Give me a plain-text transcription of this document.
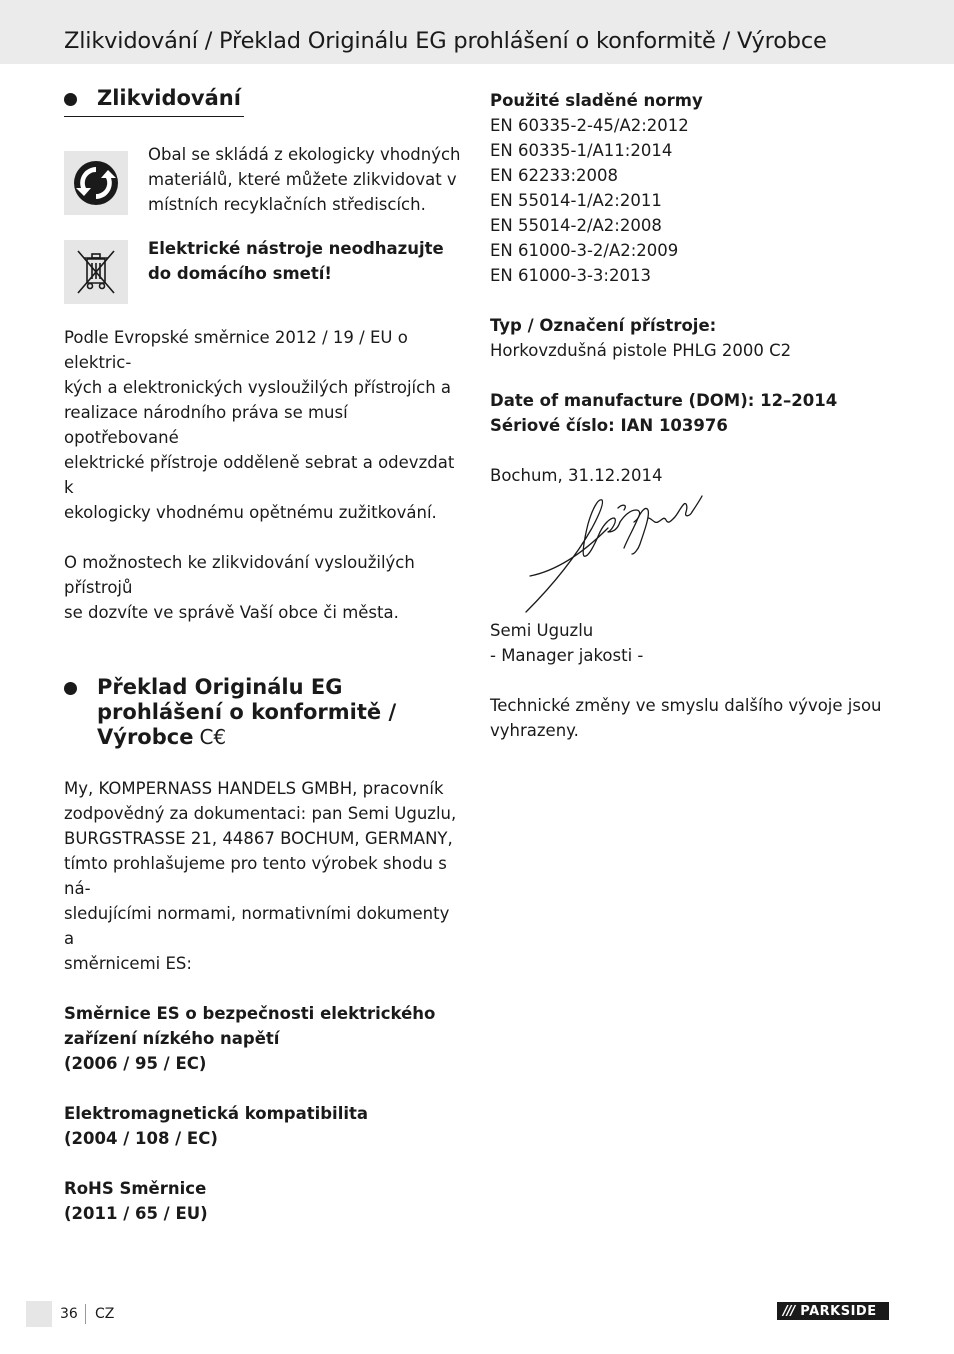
Zlikvidování / Překlad Originálu EG prohlášení o konformitě / Výrobce
Zlikvidování

Obal se skládá z ekologicky vhodných

materiálů, které můžete zlikvidovat v

místních recyklačních střediscích.

Elektrické nástroje neodhazujte

do domácího smetí!

Podle Evropské směrnice 2012 / 19 / EU o elektric-

kých a elektronických vysloužilých přístrojích a

realizace národního práva se musí opotřebované

elektrické přístroje odděleně sebrat a odevzdat k

ekologicky vhodnému opětnému zužitkování.

O možnostech ke zlikvidování vysloužilých přístrojů

se dozvíte ve správě Vaší obce či města.

Překlad Originálu EG
prohlášení o konformitě /
Výrobce C€

My, KOMPERNASS HANDELS GMBH, pracovník

zodpovědný za dokumentaci: pan Semi Uguzlu,

BURGSTRASSE 21, 44867 BOCHUM, GERMANY,

tímto prohlašujeme pro tento výrobek shodu s ná-

sledujícími normami, normativními dokumenty a

směrnicemi ES:

Směrnice ES o bezpečnosti elektrického

zařízení nízkého napětí

(2006 / 95 / EC)

Elektromagnetická kompatibilita

(2004 / 108 / EC)

RoHS Směrnice

(2011 / 65 / EU)

Použité sladěné normy

EN 60335-2-45/A2:2012

EN 60335-1/A11:2014

EN 62233:2008

EN 55014-1/A2:2011

EN 55014-2/A2:2008

EN 61000-3-2/A2:2009

EN 61000-3-3:2013

Typ / Označení přístroje:

Horkovzdušná pistole PHLG 2000 C2

Date of manufacture (DOM): 12–2014

Sériové číslo: IAN 103976

Bochum, 31.12.2014

Semi Uguzlu

- Manager jakosti -

Technické změny ve smyslu dalšího vývoje jsou

vyhrazeny.

36 CZ	/// PARKSIDE
